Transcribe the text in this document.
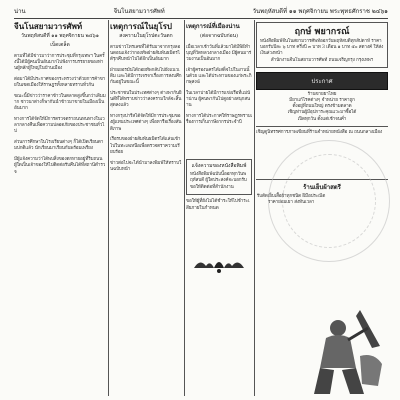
น่าน	จีนโนสยามวารศัพท์	วันพฤหัสบดีที่ ๑๑ พฤศจิกายน พระพุทธศักราช ๒๔๖๑
จีนโนสยามวารศัพท์
วันพฤหัสบดีที่ ๑๑ พฤศจิกายน ๒๔๖๑
เบ็ดเตล็ด

ตามที่ได้มีข่าวมาว่าการประชุมที่กรุงเทพฯ ในครั้งนี้ได้มีผู้คนเป็นอันมากไปฟังการบรรยายของท่านผู้หลักผู้ใหญ่ในบ้านเมือง

ต่อมาได้มีประกาศของกระทรวงว่าด้วยการค้าขายในเขตเมืองให้ราษฎรทั้งหลายทราบทั่วกัน

ขณะนี้มีข่าวว่าราคาข้าวในตลาดสูงขึ้นกว่าเดิมมาก ชาวนาต่างก็พากันนำข้าวมาขายในเมืองเป็นอันมาก

ทางการได้จัดให้มีการตรวจตราถนนหนทางในเวลากลางคืนเพื่อความปลอดภัยของประชาชนทั่วไป

ส่วนการศึกษาในโรงเรียนต่างๆ ก็ได้เปิดเรียนตามปกติแล้ว นักเรียนมาเรียนกันพร้อมเพรียง

มีผู้แจ้งความว่าได้พบสิ่งของตกหายอยู่ที่ริมถนน ผู้ใดเป็นเจ้าของให้ไปติดต่อรับคืนได้ที่สถานีตำรวจ

เหตุการณ์ในยุโรป
สงครามในยุโรปตะวันตก

ตามข่าวโทรเลขที่ได้รับมาจากกรุงลอนดอนแจ้งว่ากองทัพฝ่ายสัมพันธมิตรได้รุกคืบหน้าไปได้อีกเป็นอันมาก

ฝ่ายเยอรมันได้ถอยทัพกลับไปยังแนวเดิม และได้มีการเจรจาเรื่องการสงบศึกกันอยู่ในขณะนี้

ประชาชนในประเทศต่างๆ ต่างพากันยินดีที่ได้ทราบข่าวว่าสงครามใกล้จะสิ้นสุดลงแล้ว

ทางกรุงปารีสได้จัดให้มีการประชุมของผู้แทนประเทศต่างๆ เพื่อหารือเรื่องสันติภาพ

เรือรบของฝ่ายสัมพันธมิตรได้แล่นเข้าไปในทะเลเหนือเพื่อตรวจตราความเรียบร้อย

ข่าวต่อไปจะได้นำมาลงพิมพ์ให้ทราบในฉบับหน้า

เหตุการณ์ที่เมืองน่าน
(ต่อจากฉบับก่อน)

เมื่อเวลาเช้าวันที่แล้วมาได้มีพิธีทำบุญที่วัดหลวงกลางเมือง มีผู้คนมาร่วมงานเป็นอันมาก

เจ้าผู้ครองนครได้เสด็จไปในงานนั้นด้วย และได้ประทานของแก่พระภิกษุสงฆ์

ในเวลาบ่ายได้มีการแข่งเรือที่แม่น้ำน่าน ผู้คนพากันไปดูอย่างสนุกสนาน

ทางการได้ประกาศให้ราษฎรทราบเรื่องการเก็บภาษีอากรประจำปี

แจ้งความของหนังสือพิมพ์
หนังสือพิมพ์ฉบับนี้ออกทุกวันพฤหัสบดี ผู้ใดประสงค์จะบอกรับขอให้ติดต่อที่สำนักงาน

ขอให้ผู้ที่ยังไม่ได้ชำระให้ไปชำระเสียภายในกำหนด

ฤกษ์ พยากรณ์
หนังสือพิมพ์จีนโนสยามวารศัพท์ออกวันพฤหัสบดีทุกสัปดาห์ ราคาบอกรับปีละ ๖ บาท ครึ่งปี ๓ บาท 3 เดือน ๑ บาท ๕๐ สตางค์ ให้ส่งเงินล่วงหน้า
สำนักงานจีนโนสยามวารศัพท์ ถนนเจริญกรุง กรุงเทพฯ
ประกาศ
ร้านขายยาไทย
มียาแก้โรคต่างๆ จำหน่าย ราคาถูก
ตั้งอยู่ที่ถนนใหญ่ ตรงข้ามตลาด
เชิญท่านผู้มีอุปการะคุณแวะมาซื้อได้
เปิดทุกวัน ตั้งแต่เช้าจนค่ำ
เชิญดูนิทรรศการภาพเขียนที่ร้านจำหน่ายหนังสือ ณ ถนนกลางเมือง
ร้านเย็บผ้าสตรี
รับตัดเย็บเสื้อผ้าทุกชนิด ฝีมือประณีต ราคาย่อมเยา ส่งทันเวลา
